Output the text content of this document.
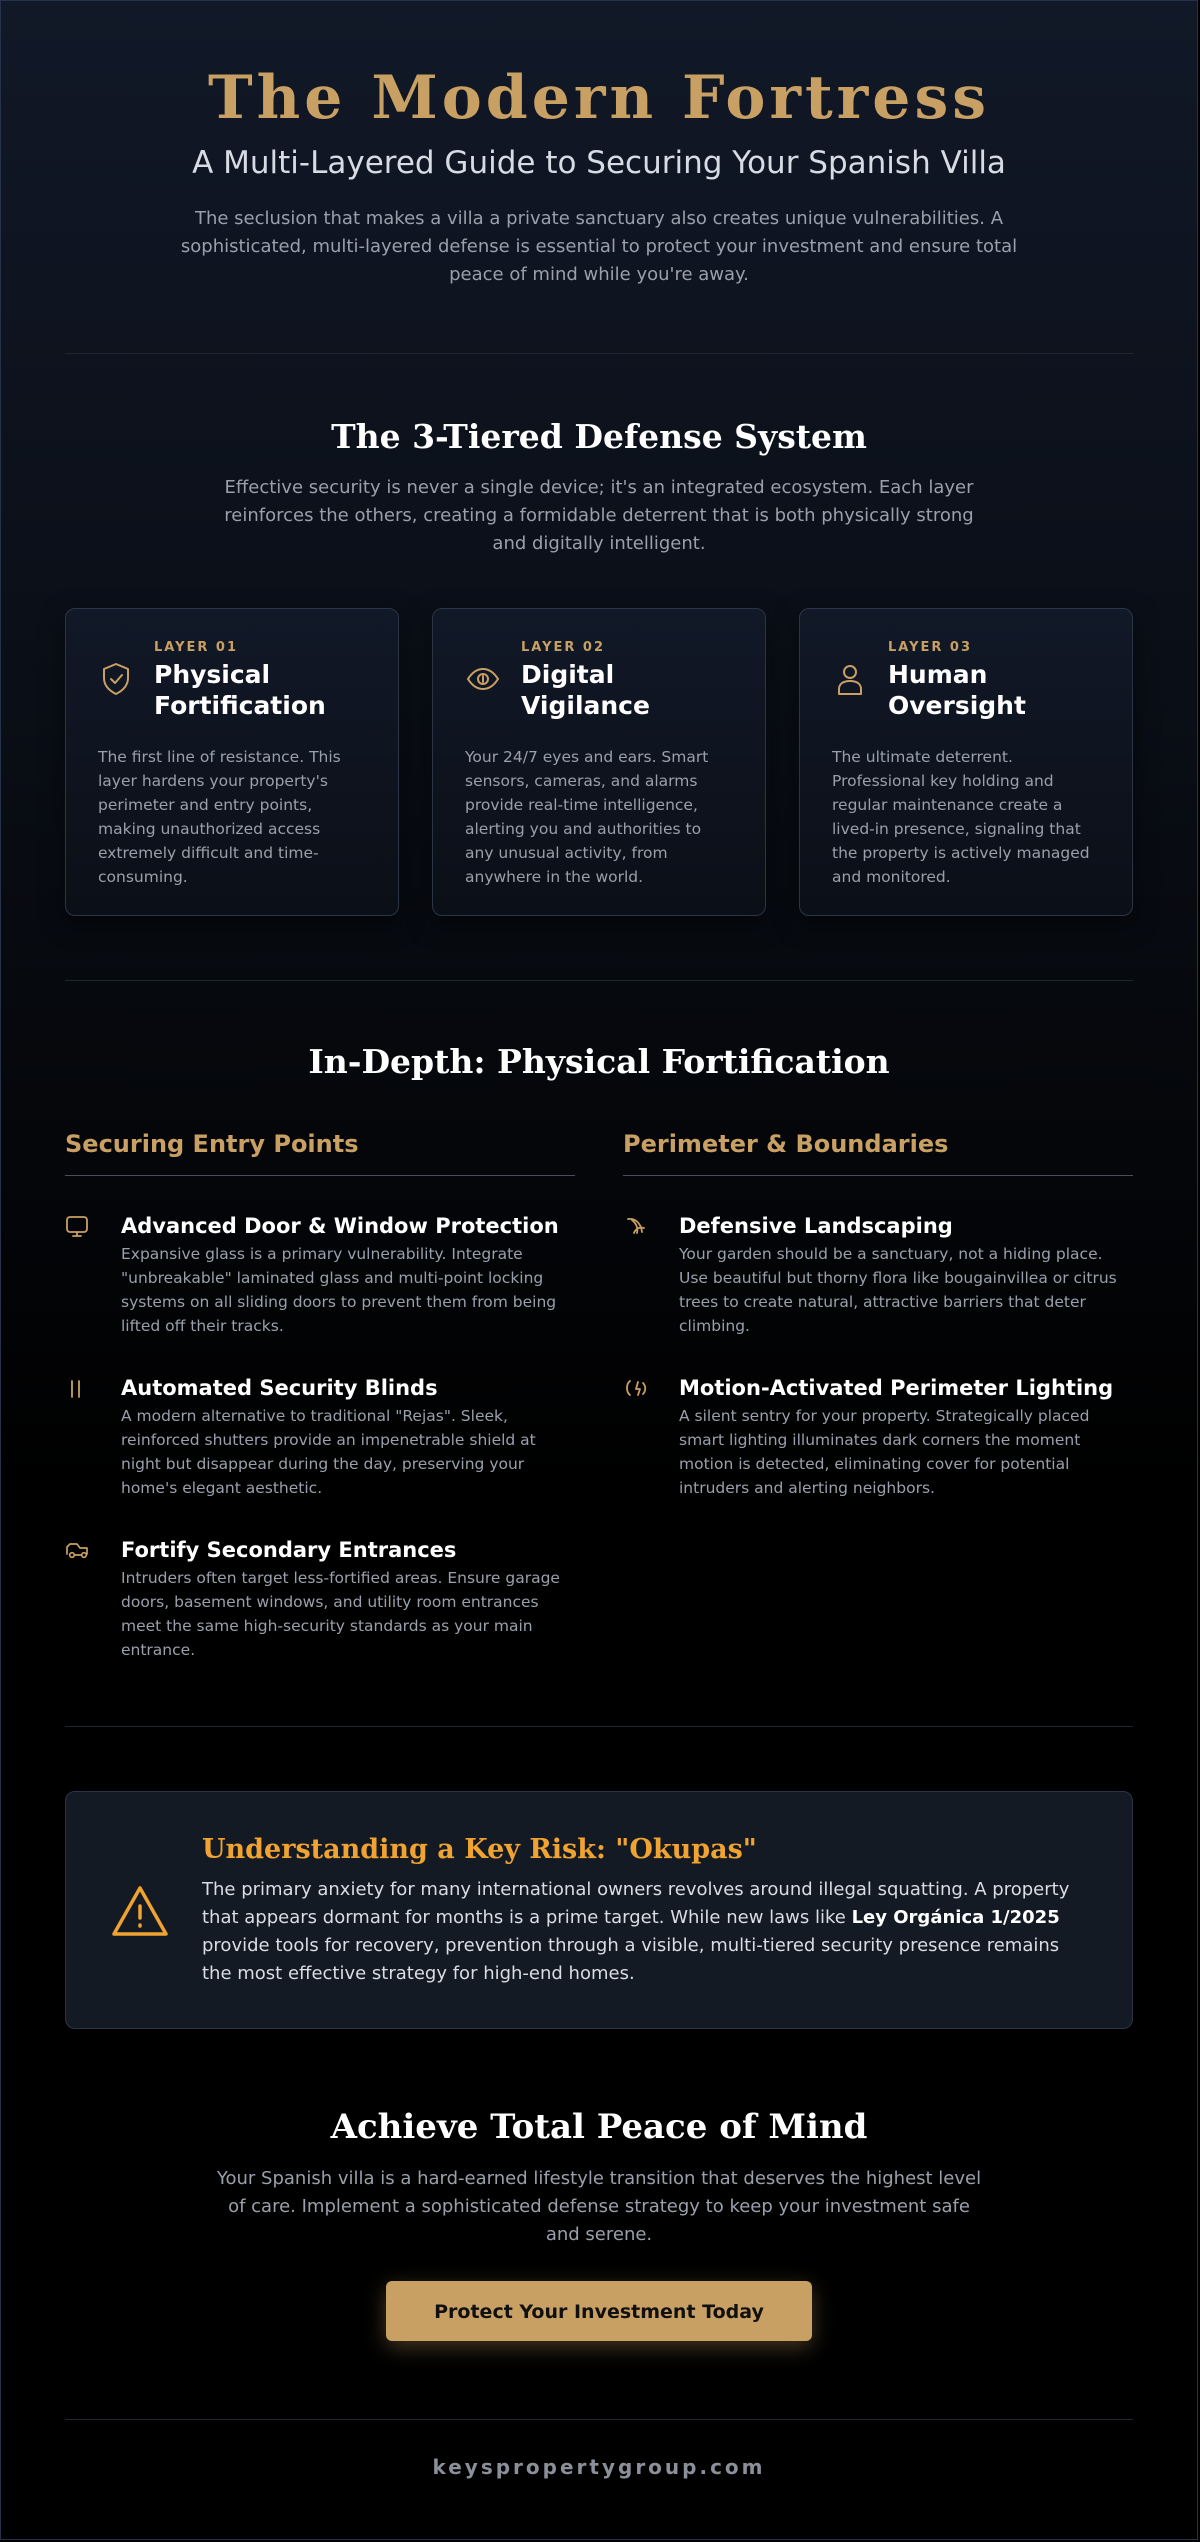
The Modern Fortress
A Multi-Layered Guide to Securing Your Spanish Villa

The seclusion that makes a villa a private sanctuary also creates unique vulnerabilities. A sophisticated, multi-layered defense is essential to protect your investment and ensure total peace of mind while you're away.

The 3-Tiered Defense System

Effective security is never a single device; it's an integrated ecosystem. Each layer reinforces the others, creating a formidable deterrent that is both physically strong and digitally intelligent.

LAYER 01
Physical
Fortification
The first line of resistance. This layer hardens your property's perimeter and entry points, making unauthorized access extremely difficult and time-consuming.
LAYER 02
Digital
Vigilance
Your 24/7 eyes and ears. Smart sensors, cameras, and alarms provide real-time intelligence, alerting you and authorities to any unusual activity, from anywhere in the world.
LAYER 03
Human
Oversight
The ultimate deterrent. Professional key holding and regular maintenance create a lived-in presence, signaling that the property is actively managed and monitored.
In-Depth: Physical Fortification
Securing Entry Points
Advanced Door & Window Protection
Expansive glass is a primary vulnerability. Integrate "unbreakable" laminated glass and multi-point locking systems on all sliding doors to prevent them from being lifted off their tracks.
Automated Security Blinds
A modern alternative to traditional "Rejas". Sleek, reinforced shutters provide an impenetrable shield at night but disappear during the day, preserving your home's elegant aesthetic.
Fortify Secondary Entrances
Intruders often target less-fortified areas. Ensure garage doors, basement windows, and utility room entrances meet the same high-security standards as your main entrance.
Perimeter & Boundaries
Defensive Landscaping
Your garden should be a sanctuary, not a hiding place. Use beautiful but thorny flora like bougainvillea or citrus trees to create natural, attractive barriers that deter climbing.
Motion-Activated Perimeter Lighting
A silent sentry for your property. Strategically placed smart lighting illuminates dark corners the moment motion is detected, eliminating cover for potential intruders and alerting neighbors.
Understanding a Key Risk: "Okupas"
The primary anxiety for many international owners revolves around illegal squatting. A property that appears dormant for months is a prime target. While new laws like Ley Orgánica 1/2025 provide tools for recovery, prevention through a visible, multi-tiered security presence remains the most effective strategy for high-end homes.
Achieve Total Peace of Mind

Your Spanish villa is a hard-earned lifestyle transition that deserves the highest level of care. Implement a sophisticated defense strategy to keep your investment safe and serene.

Protect Your Investment Today
keyspropertygroup.com
